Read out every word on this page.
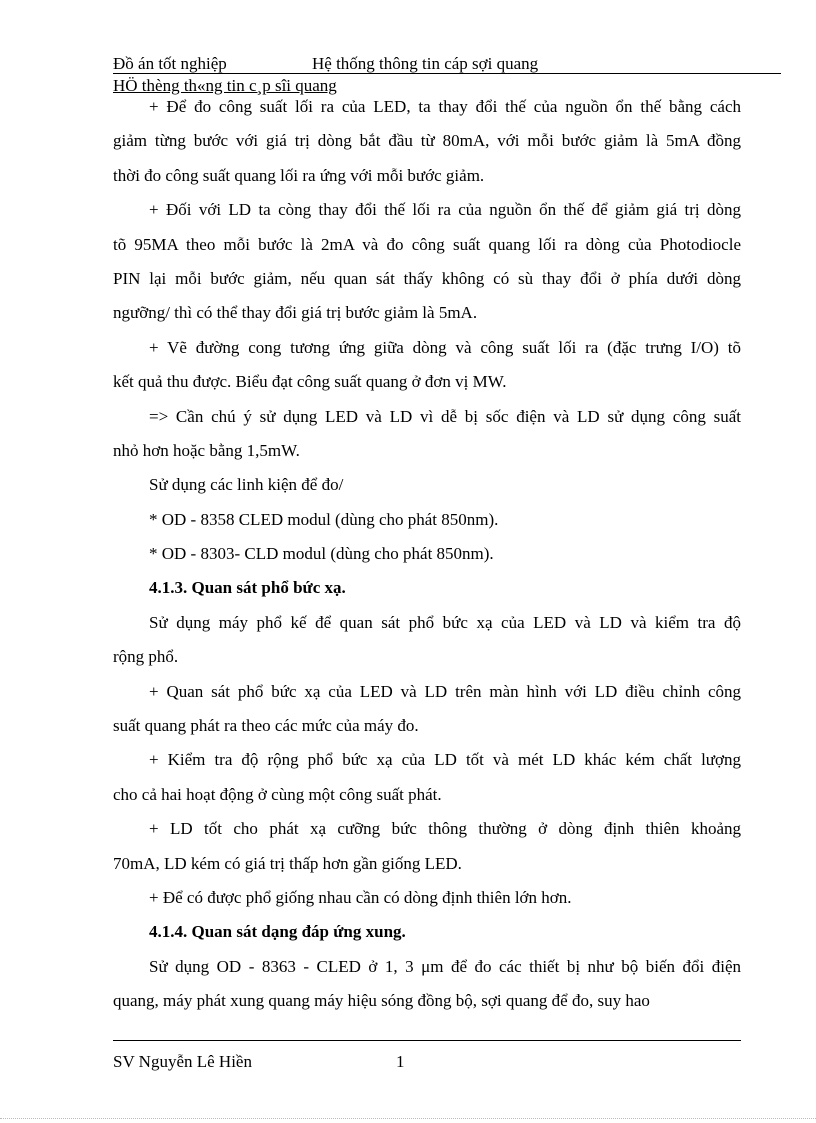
Đồ án tốt nghiệp	Hệ thống thông tin cáp sợi quang
HÖ thèng th«ng tin c¸p sîi quang

+ Để đo công suất lối ra của LED, ta thay đổi thế của nguồn ổn thế bằng cách

giảm từng bước với giá trị dòng bắt đầu từ 80mA, với mỗi bước giảm là 5mA đồng

thời đo công suất quang lối ra ứng với mỗi bước giảm.

+ Đối với LD ta còng thay đổi thế lối ra của nguồn ổn thế để giảm giá trị dòng

tõ 95MA theo mỗi bước là 2mA và đo công suất quang lối ra dòng của Photodiocle

PIN lại mỗi bước giảm, nếu quan sát thấy không có sù thay đổi ở phía dưới dòng

ngưỡng/ thì có thể thay đổi giá trị bước giảm là 5mA.

+ Vẽ đường cong tương ứng giữa dòng và công suất lối ra (đặc trưng I/O) tõ

kết quả thu được. Biểu đạt công suất quang ở đơn vị MW.

=> Cần chú ý sử dụng LED và LD vì dễ bị sốc điện và LD sử dụng công suất

nhỏ hơn hoặc bằng 1,5mW.

Sử dụng các linh kiện để đo/

* OD - 8358 CLED modul (dùng cho phát 850nm).

* OD - 8303- CLD modul (dùng cho phát 850nm).

4.1.3. Quan sát phổ bức xạ.

Sử dụng máy phổ kế để quan sát phổ bức xạ của LED và LD và kiểm tra độ

rộng phổ.

+ Quan sát phổ bức xạ của LED và LD trên màn hình với LD điều chỉnh công

suất quang phát ra theo các mức của máy đo.

+ Kiểm tra độ rộng phổ bức xạ của LD tốt và mét LD khác kém chất lượng

cho cả hai hoạt động ở cùng một công suất phát.

+ LD tốt cho phát xạ cưỡng bức thông thường ở dòng định thiên khoảng

70mA, LD kém có giá trị thấp hơn gần giống LED.

+ Để có được phổ giống nhau cần có dòng định thiên lớn hơn.

4.1.4. Quan sát dạng đáp ứng xung.

Sử dụng OD - 8363 - CLED ở 1, 3 μm để đo các thiết bị như bộ biến đổi điện

quang, máy phát xung quang máy hiệu sóng đồng bộ, sợi quang để đo, suy hao

SV Nguyễn Lê Hiền	1
